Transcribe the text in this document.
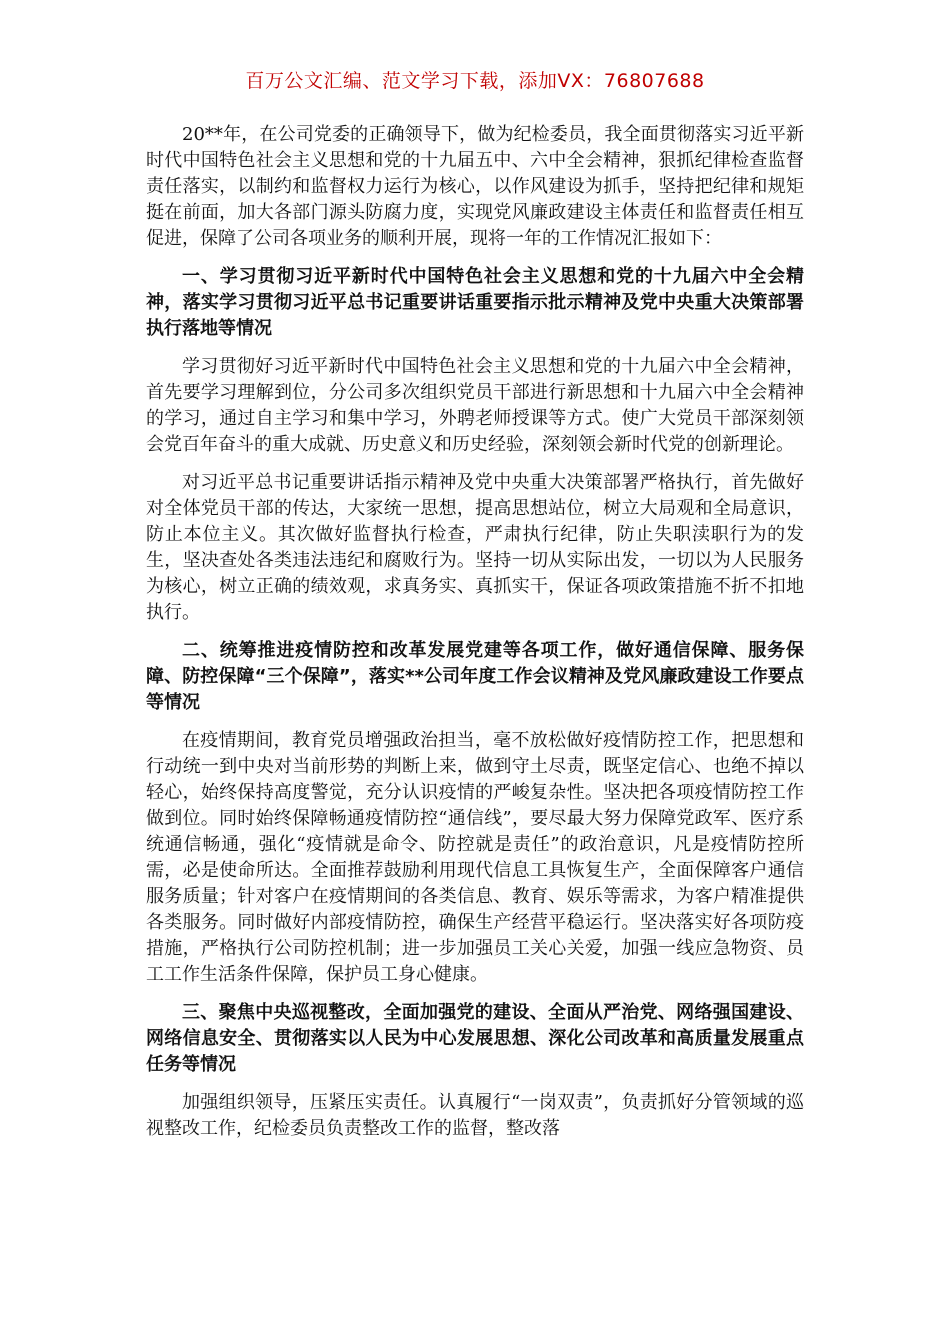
百万公文汇编、范文学习下载，添加VX：76807688

20**年，在公司党委的正确领导下，做为纪检委员，我全面贯彻落实习近平新时代中国特色社会主义思想和党的十九届五中、六中全会精神，狠抓纪律检查监督责任落实，以制约和监督权力运行为核心，以作风建设为抓手，坚持把纪律和规矩挺在前面，加大各部门源头防腐力度，实现党风廉政建设主体责任和监督责任相互促进，保障了公司各项业务的顺利开展，现将一年的工作情况汇报如下：

一、学习贯彻习近平新时代中国特色社会主义思想和党的十九届六中全会精神，落实学习贯彻习近平总书记重要讲话重要指示批示精神及党中央重大决策部署执行落地等情况

学习贯彻好习近平新时代中国特色社会主义思想和党的十九届六中全会精神，首先要学习理解到位，分公司多次组织党员干部进行新思想和十九届六中全会精神的学习，通过自主学习和集中学习，外聘老师授课等方式。使广大党员干部深刻领会党百年奋斗的重大成就、历史意义和历史经验，深刻领会新时代党的创新理论。

对习近平总书记重要讲话指示精神及党中央重大决策部署严格执行，首先做好对全体党员干部的传达，大家统一思想，提高思想站位，树立大局观和全局意识，防止本位主义。其次做好监督执行检查，严肃执行纪律，防止失职渎职行为的发生，坚决查处各类违法违纪和腐败行为。坚持一切从实际出发，一切以为人民服务为核心，树立正确的绩效观，求真务实、真抓实干，保证各项政策措施不折不扣地执行。

二、统筹推进疫情防控和改革发展党建等各项工作，做好通信保障、服务保障、防控保障“三个保障”，落实**公司年度工作会议精神及党风廉政建设工作要点等情况

在疫情期间，教育党员增强政治担当，毫不放松做好疫情防控工作，把思想和行动统一到中央对当前形势的判断上来，做到守土尽责，既坚定信心、也绝不掉以轻心，始终保持高度警觉，充分认识疫情的严峻复杂性。坚决把各项疫情防控工作做到位。同时始终保障畅通疫情防控“通信线”，要尽最大努力保障党政军、医疗系统通信畅通，强化“疫情就是命令、防控就是责任”的政治意识，凡是疫情防控所需，必是使命所达。全面推荐鼓励利用现代信息工具恢复生产，全面保障客户通信服务质量；针对客户在疫情期间的各类信息、教育、娱乐等需求，为客户精准提供各类服务。同时做好内部疫情防控，确保生产经营平稳运行。坚决落实好各项防疫措施，严格执行公司防控机制；进一步加强员工关心关爱，加强一线应急物资、员工工作生活条件保障，保护员工身心健康。

三、聚焦中央巡视整改，全面加强党的建设、全面从严治党、网络强国建设、网络信息安全、贯彻落实以人民为中心发展思想、深化公司改革和高质量发展重点任务等情况

加强组织领导，压紧压实责任。认真履行“一岗双责”，负责抓好分管领域的巡视整改工作，纪检委员负责整改工作的监督，整改落
